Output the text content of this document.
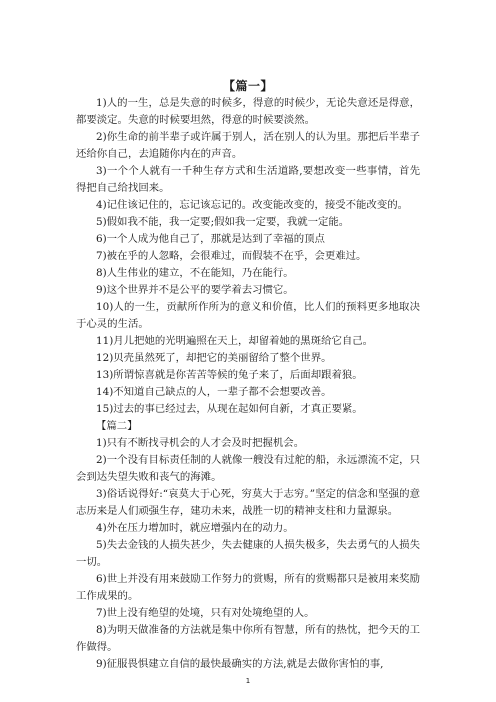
【篇一】

1)人的一生，总是失意的时候多，得意的时候少，无论失意还是得意，都要淡定。失意的时候要坦然，得意的时候要淡然。

2)你生命的前半辈子或许属于别人，活在别人的认为里。那把后半辈子还给你自己，去追随你内在的声音。

3)一个个人就有一千种生存方式和生活道路,要想改变一些事情，首先得把自己给找回来。

4)记住该记住的，忘记该忘记的。改变能改变的，接受不能改变的。

5)假如我不能，我一定要;假如我一定要，我就一定能。

6)一个人成为他自己了，那就是达到了幸福的顶点

7)被在乎的人忽略，会很难过，而假装不在乎，会更难过。

8)人生伟业的建立，不在能知，乃在能行。

9)这个世界并不是公平的要学着去习惯它。

10)人的一生，贡献所作所为的意义和价值，比人们的预料更多地取决于心灵的生活。

11)月儿把她的光明遍照在天上，却留着她的黑斑给它自己。

12)贝壳虽然死了，却把它的美丽留给了整个世界。

13)所谓惊喜就是你苦苦等候的兔子来了，后面却跟着狼。

14)不知道自己缺点的人，一辈子都不会想要改善。

15)过去的事已经过去，从现在起如何自新，才真正要紧。

【篇二】

1)只有不断找寻机会的人才会及时把握机会。

2)一个没有目标责任制的人就像一艘没有过舵的船，永远漂流不定，只会到达失望失败和丧气的海滩。

3)俗话说得好:“哀莫大于心死，穷莫大于志穷。”坚定的信念和坚强的意志历来是人们顽强生存，建功未来，战胜一切的精神支柱和力量源泉。

4)外在压力增加时，就应增强内在的动力。

5)失去金钱的人损失甚少，失去健康的人损失极多，失去勇气的人损失一切。

6)世上并没有用来鼓励工作努力的赏赐，所有的赏赐都只是被用来奖励工作成果的。

7)世上没有绝望的处境，只有对处境绝望的人。

8)为明天做准备的方法就是集中你所有智慧，所有的热忱，把今天的工作做得。

9)征服畏惧建立自信的最快最确实的方法,就是去做你害怕的事,

1
